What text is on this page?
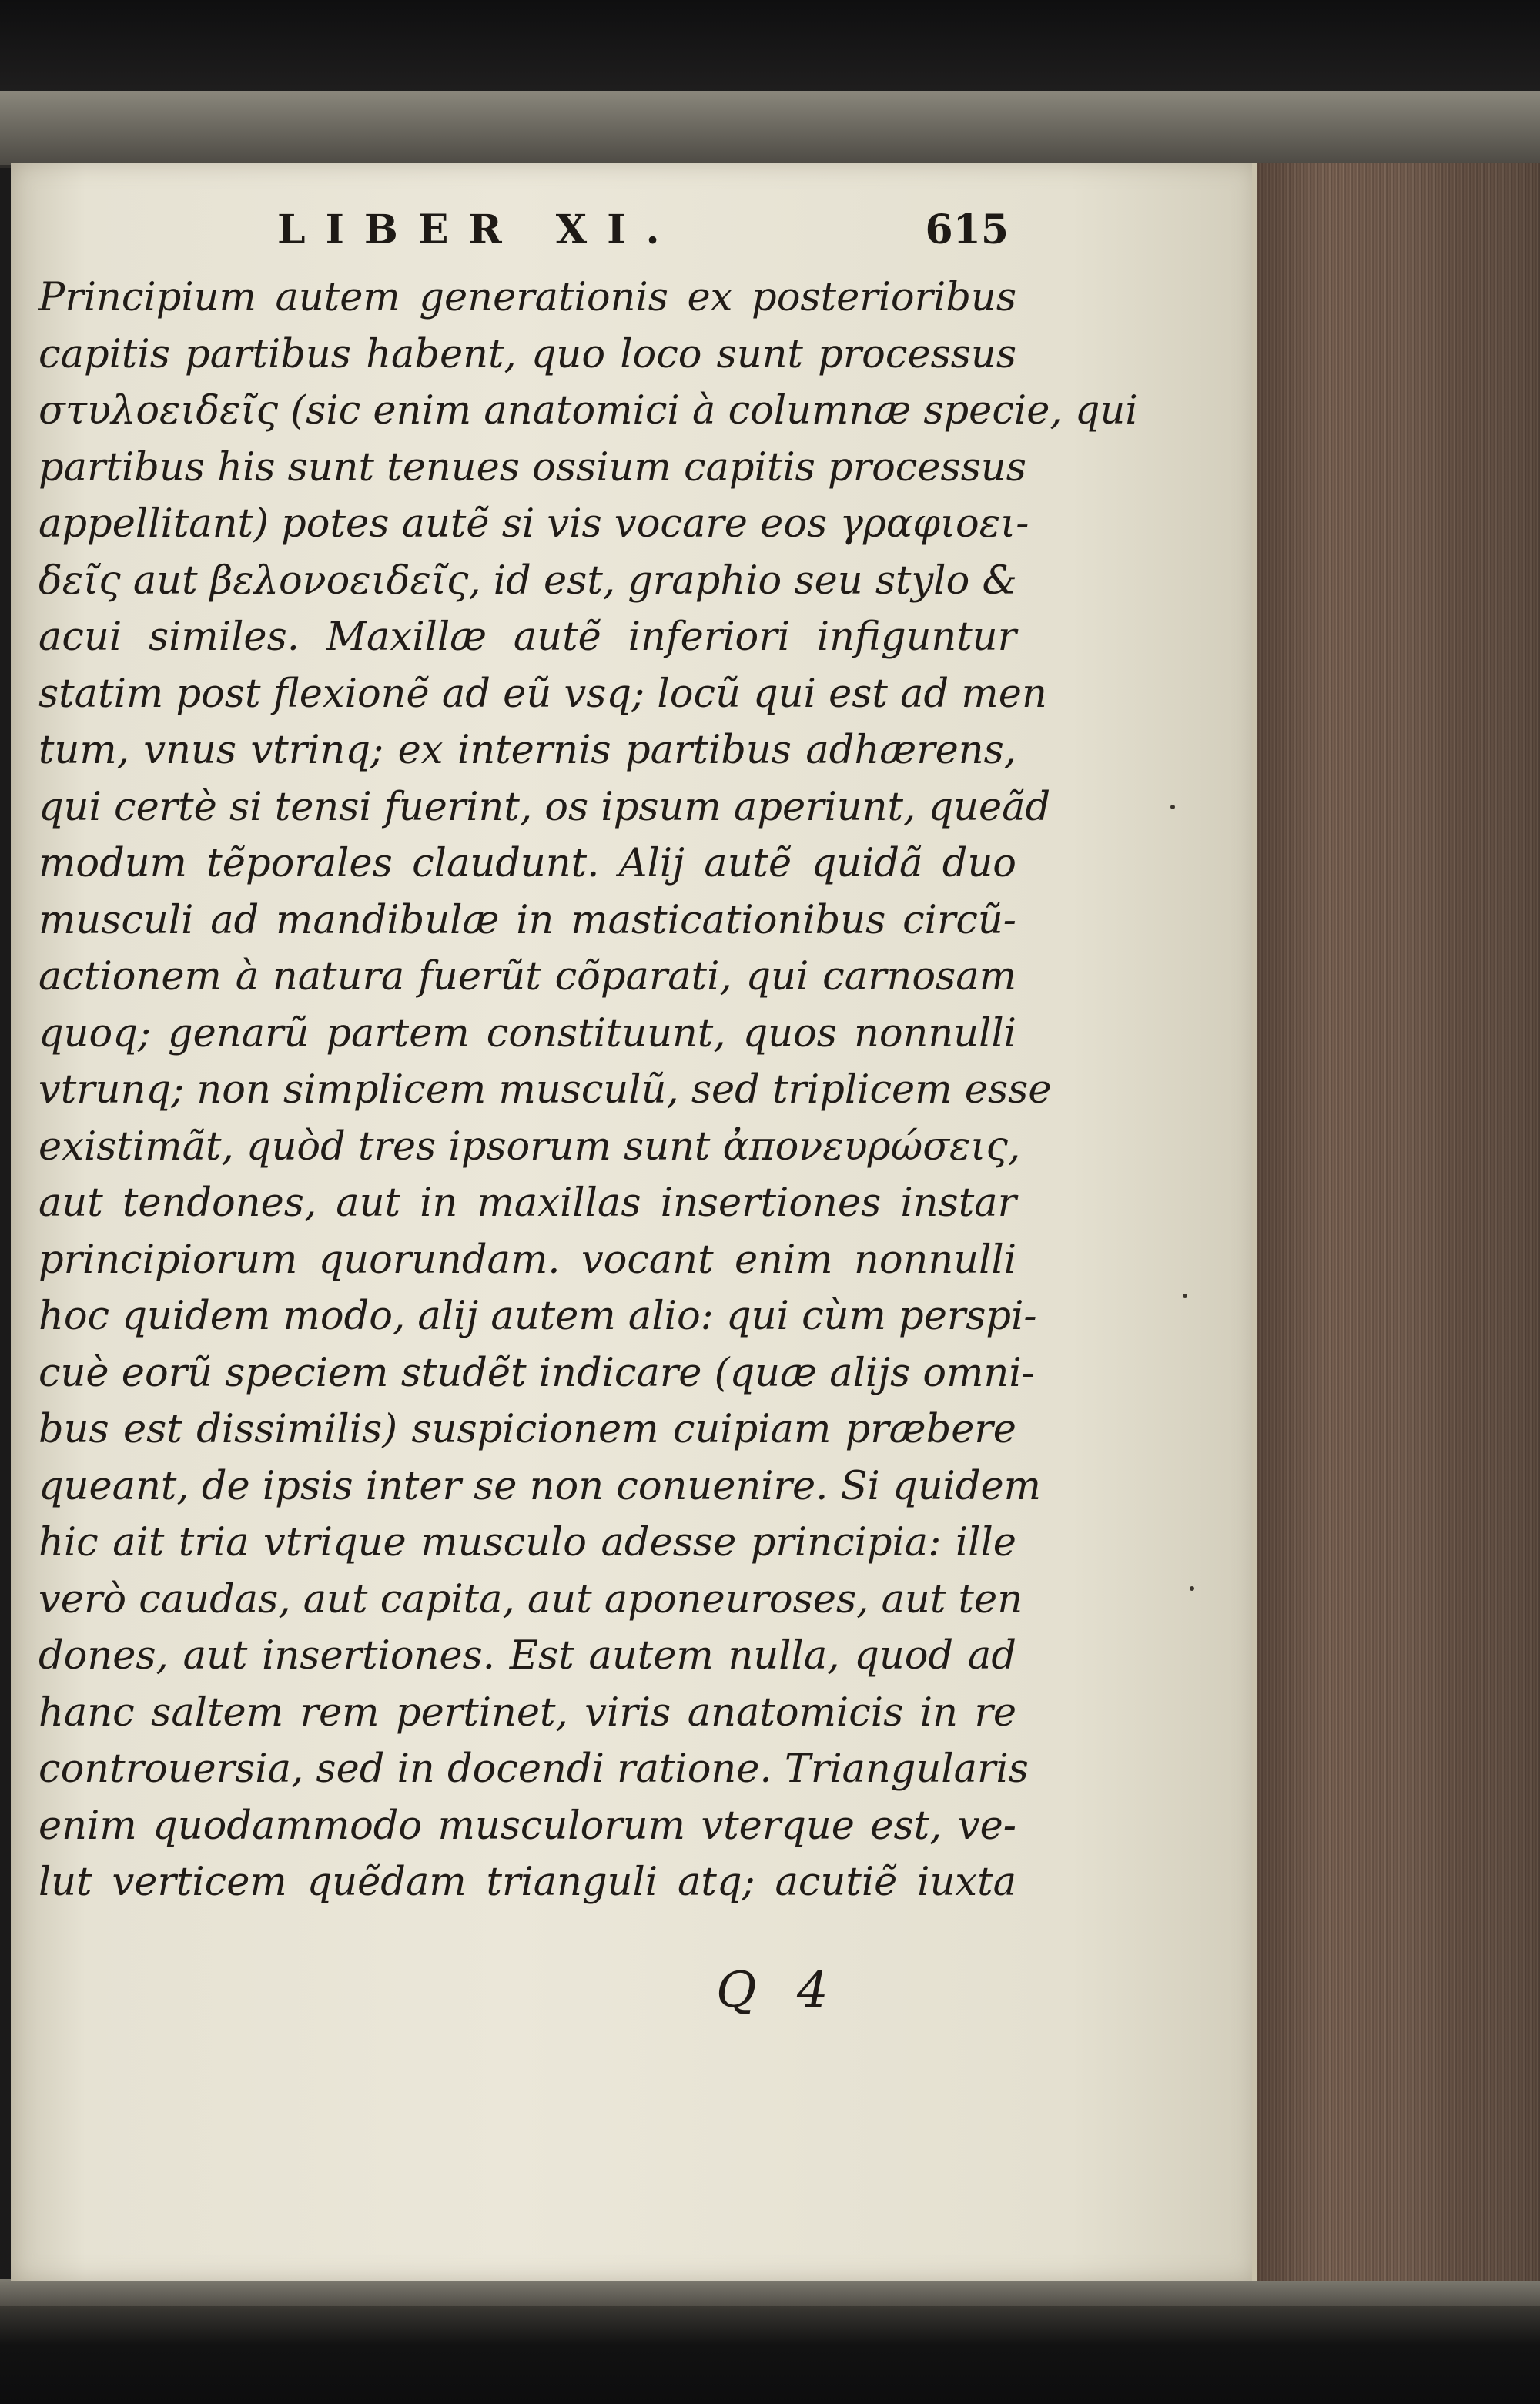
LIBER XI.	615
Principium autem generationis ex posterioribus
capitis partibus habent, quo loco sunt processus
στυλοειδεῖς (sic enim anatomici à columnæ specie, qui
partibus his sunt tenues ossium capitis processus
appellitant) potes autẽ si vis vocare eos γραφιοει-
δεῖς aut βελονοειδεῖς, id est, graphio seu stylo &
acui similes. Maxillæ autẽ inferiori infiguntur
statim post flexionẽ ad eũ vsq; locũ qui est ad men
tum, vnus vtrinq; ex internis partibus adhærens,
qui certè si tensi fuerint, os ipsum aperiunt, queãd
modum tẽporales claudunt. Alij autẽ quidã duo
musculi ad mandibulæ in masticationibus circũ-
actionem à natura fuerũt cõparati, qui carnosam
quoq; genarũ partem constituunt, quos nonnulli
vtrunq; non simplicem musculũ, sed triplicem esse
existimãt, quòd tres ipsorum sunt ἀπονευρώσεις,
aut tendones, aut in maxillas insertiones instar
principiorum quorundam. vocant enim nonnulli
hoc quidem modo, alij autem alio: qui cùm perspi-
cuè eorũ speciem studẽt indicare (quæ alijs omni-
bus est dissimilis) suspicionem cuipiam præbere
queant, de ipsis inter se non conuenire. Si quidem
hic ait tria vtrique musculo adesse principia: ille
verò caudas, aut capita, aut aponeuroses, aut ten
dones, aut insertiones. Est autem nulla, quod ad
hanc saltem rem pertinet, viris anatomicis in re
controuersia, sed in docendi ratione. Triangularis
enim quodammodo musculorum vterque est, ve-
lut verticem quẽdam trianguli atq; acutiẽ iuxta
Q 4
